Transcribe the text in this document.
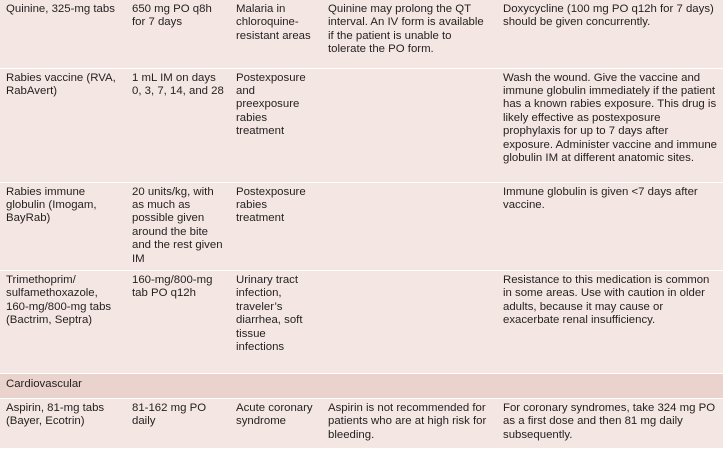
Quinine, 325-mg tabs	650 mg PO q8h for 7 days	Malaria in chloroquine-resistant areas	Quinine may prolong the QT interval. An IV form is available if the patient is unable to tolerate the PO form.	Doxycycline (100 mg PO q12h for 7 days) should be given concurrently.
Rabies vaccine (RVA, RabAvert)	1 mL IM on days 0, 3, 7, 14, and 28	Postexposure and preexposure rabies treatment		Wash the wound. Give the vaccine and immune globulin immediately if the patient has a known rabies exposure. This drug is likely effective as postexposure prophylaxis for up to 7 days after exposure. Administer vaccine and immune globulin IM at different anatomic sites.
Rabies immune globulin (Imogam, BayRab)	20 units/kg, with as much as possible given around the bite and the rest given IM	Postexposure rabies treatment		Immune globulin is given <7 days after vaccine.
Trimethoprim/ sulfamethoxazole, 160-mg/800-mg tabs (Bactrim, Septra)	160-mg/800-mg tab PO q12h	Urinary tract infection, traveler’s diarrhea, soft tissue infections		Resistance to this medication is common in some areas. Use with caution in older adults, because it may cause or exacerbate renal insufficiency.
Cardiovascular				
Aspirin, 81-mg tabs (Bayer, Ecotrin)	81-162 mg PO daily	Acute coronary syndrome	Aspirin is not recommended for patients who are at high risk for bleeding.	For coronary syndromes, take 324 mg PO as a first dose and then 81 mg daily subsequently.
